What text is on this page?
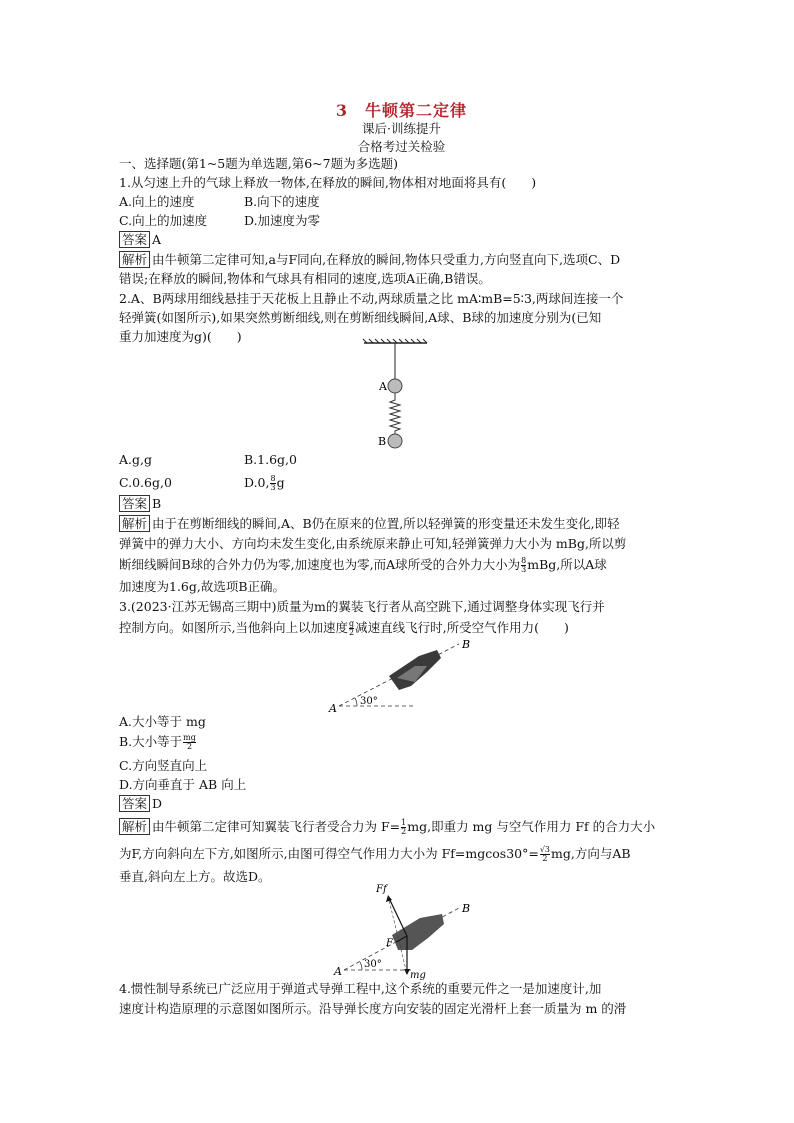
3　牛顿第二定律
课后·训练提升
合格考过关检验
一、选择题(第1~5题为单选题,第6~7题为多选题)
1.从匀速上升的气球上释放一物体,在释放的瞬间,物体相对地面将具有(　　)
A.向上的速度	B.向下的速度
C.向上的加速度	D.加速度为零
答案 A
解析 由牛顿第二定律可知,a与F同向,在释放的瞬间,物体只受重力,方向竖直向下,选项C、D
错误;在释放的瞬间,物体和气球具有相同的速度,选项A正确,B错误。
2.A、B两球用细线悬挂于天花板上且静止不动,两球质量之比 mA∶mB=5∶3,两球间连接一个
轻弹簧(如图所示),如果突然剪断细线,则在剪断细线瞬间,A球、B球的加速度分别为(已知
重力加速度为g)(　　)
A
B
A.g,g	B.1.6g,0
C.0.6g,0	D.0, $\frac{8}{3}$ g
答案 B
解析 由于在剪断细线的瞬间,A、B仍在原来的位置,所以轻弹簧的形变量还未发生变化,即轻
弹簧中的弹力大小、方向均未发生变化,由系统原来静止可知,轻弹簧弹力大小为 mBg,所以剪
断细线瞬间B球的合外力仍为零,加速度也为零,而A球所受的合外力大小为 $\frac{8}{3}$ mBg,所以A球
加速度为1.6g,故选项B正确。
3.(2023·江苏无锡高三期中)质量为m的翼装飞行者从高空跳下,通过调整身体实现飞行并
控制方向。如图所示,当他斜向上以加速度 $\frac{g}{2}$ 减速直线飞行时,所受空气作用力(　　)
30°
A
B
A.大小等于 mg
B.大小等于 $\frac{mg}{2}$
C.方向竖直向上
D.方向垂直于 AB 向上
答案 D
解析 由牛顿第二定律可知翼装飞行者受合力为 $F= \frac{1}{2}$ mg,即重力 mg 与空气作用力 Ff 的合力大小
为F,方向斜向左下方,如图所示,由图可得空气作用力大小为 $Ff=mgcos30^\circ= \frac{√3}{2}$ mg,方向与AB
垂直,斜向左上方。故选D。
30°
A
B
Ff
F
mg
4.惯性制导系统已广泛应用于弹道式导弹工程中,这个系统的重要元件之一是加速度计,加
速度计构造原理的示意图如图所示。沿导弹长度方向安装的固定光滑杆上套一质量为 m 的滑
